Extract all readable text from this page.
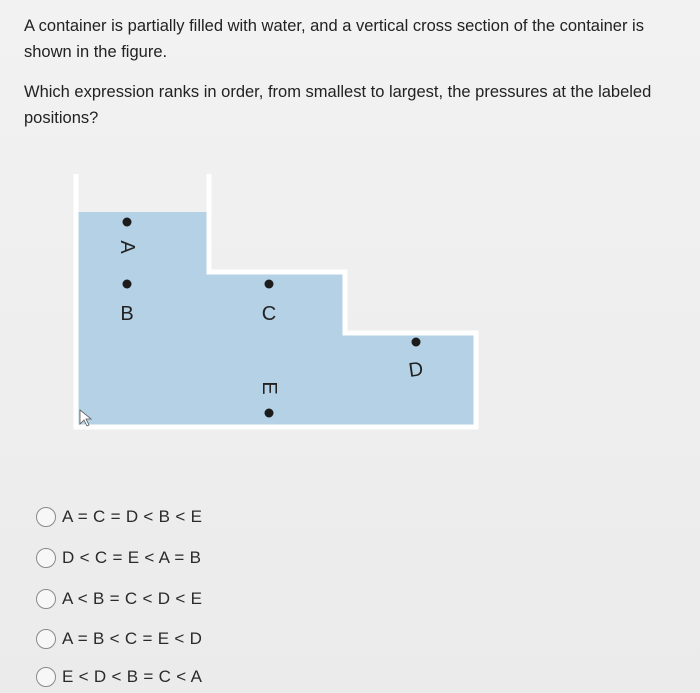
A container is partially filled with water, and a vertical cross section of the container is shown in the figure.

Which expression ranks in order, from smallest to largest, the pressures at the labeled positions?

A
B	C
D
E
A = C = D < B < E
D < C = E < A = B
A < B = C < D < E
A = B < C = E < D
E < D < B = C < A
